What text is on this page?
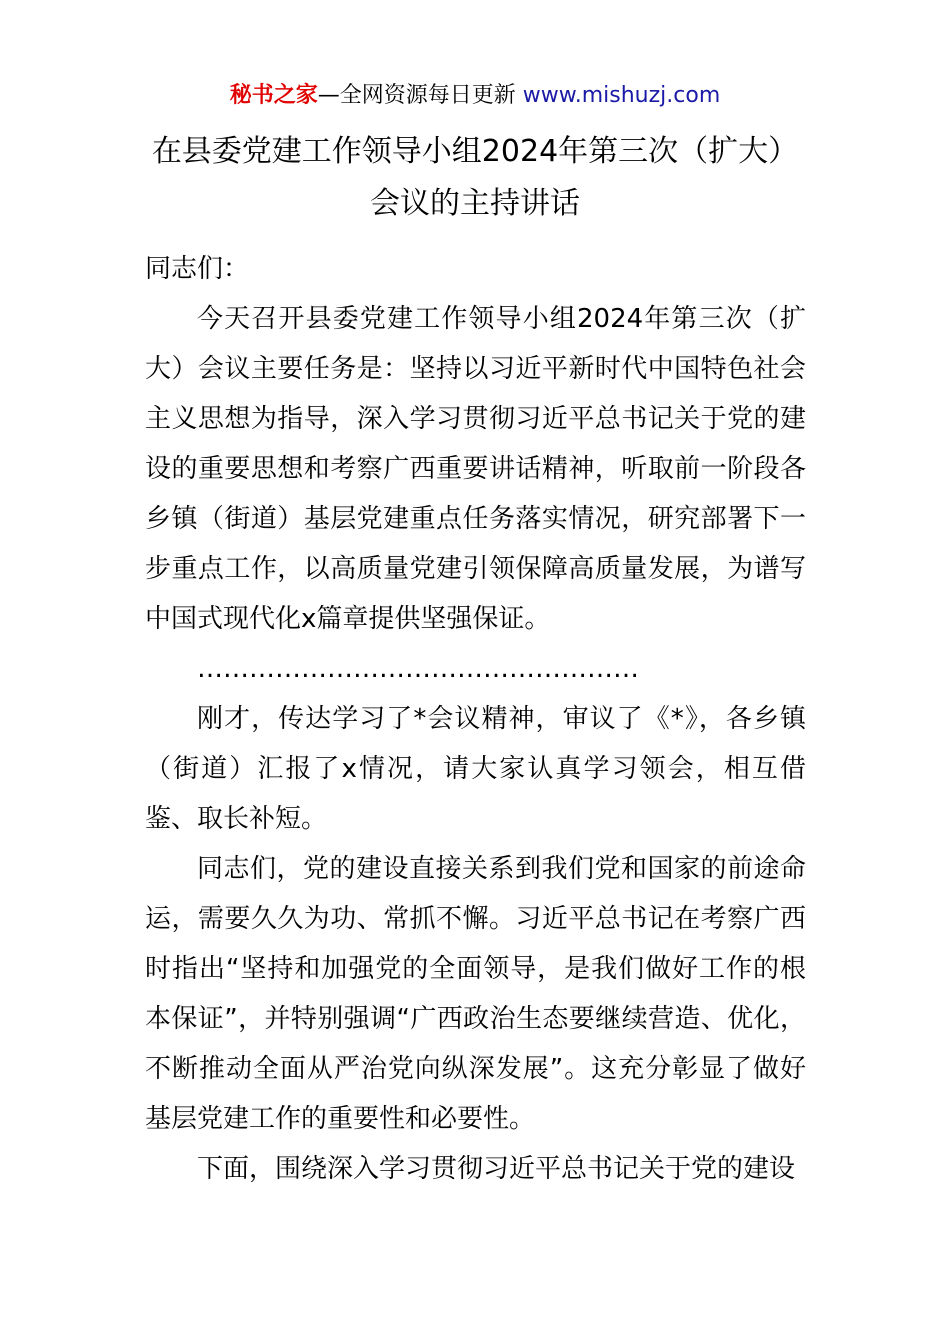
秘书之家—全网资源每日更新 www.mishuzj.com
在县委党建工作领导小组2024年第三次（扩大）会议的主持讲话

同志们：

今天召开县委党建工作领导小组2024年第三次（扩大）会议主要任务是：坚持以习近平新时代中国特色社会主义思想为指导，深入学习贯彻习近平总书记关于党的建设的重要思想和考察广西重要讲话精神，听取前一阶段各乡镇（街道）基层党建重点任务落实情况，研究部署下一步重点工作，以高质量党建引领保障高质量发展，为谱写中国式现代化x篇章提供坚强保证。

……………………………………………

刚才，传达学习了*会议精神，审议了《*》，各乡镇（街道）汇报了x情况，请大家认真学习领会，相互借鉴、取长补短。

同志们，党的建设直接关系到我们党和国家的前途命运，需要久久为功、常抓不懈。习近平总书记在考察广西时指出“坚持和加强党的全面领导，是我们做好工作的根本保证”，并特别强调“广西政治生态要继续营造、优化，不断推动全面从严治党向纵深发展”。这充分彰显了做好基层党建工作的重要性和必要性。

下面，围绕深入学习贯彻习近平总书记关于党的建设
